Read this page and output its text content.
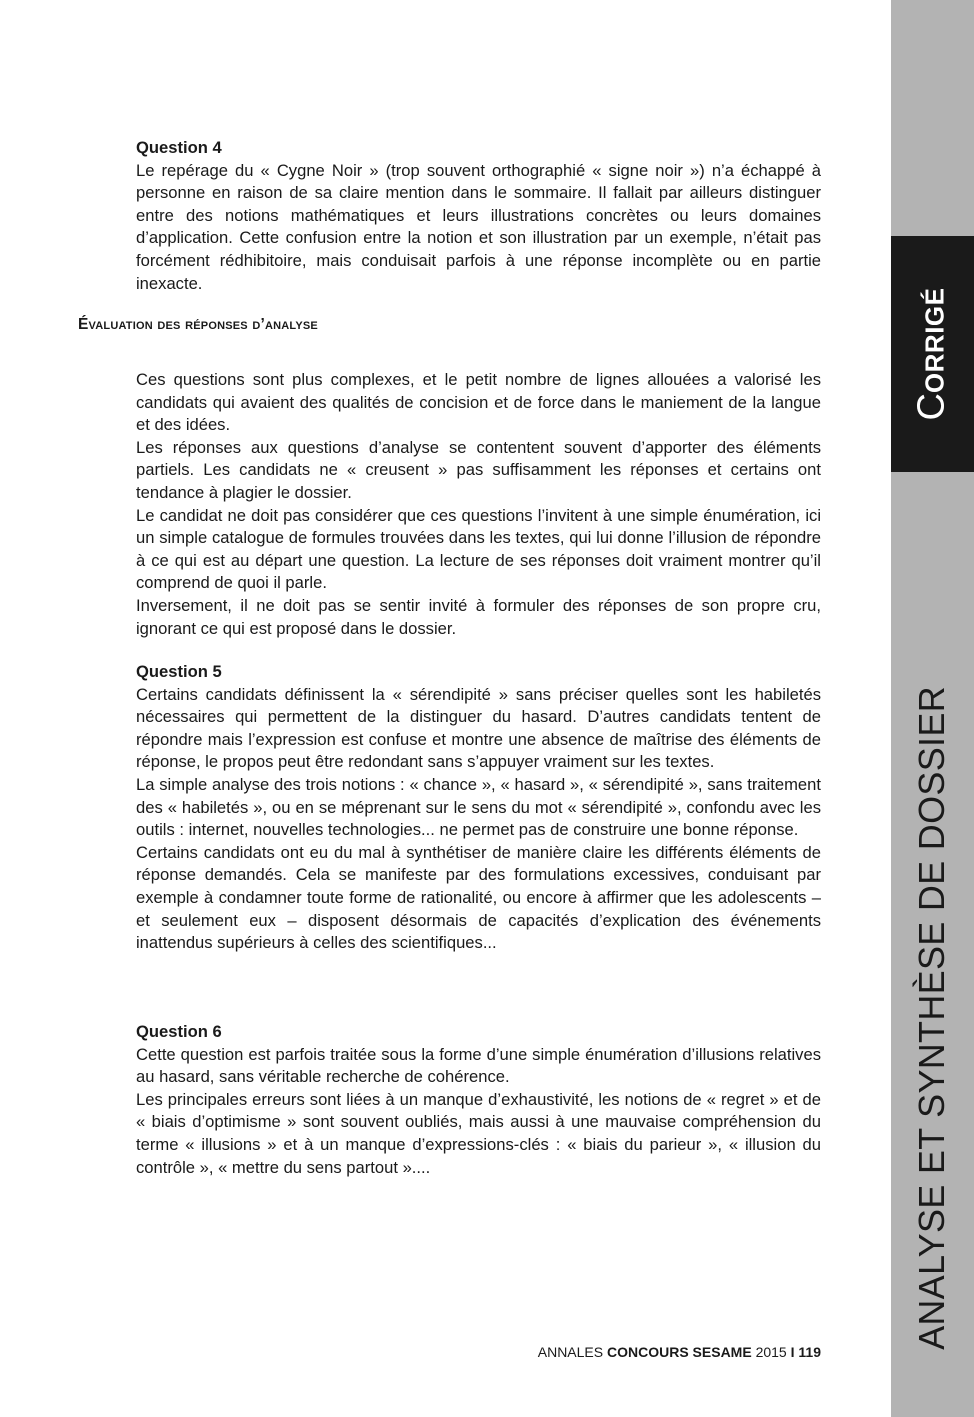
CORRIGÉ
ANALYSE ET SYNTHÈSE DE DOSSIER

Question 4

Le repérage du « Cygne Noir » (trop souvent orthographié « signe noir ») n’a échappé à personne en raison de sa claire mention dans le sommaire. Il fallait par ailleurs distinguer entre des notions mathématiques et leurs illustrations concrètes ou leurs domaines d’application. Cette confusion entre la notion et son illustration par un exemple, n’était pas forcément rédhibitoire, mais conduisait parfois à une réponse incomplète ou en partie inexacte.

Évaluation des réponses d’analyse

Ces questions sont plus complexes, et le petit nombre de lignes allouées a valorisé les candidats qui avaient des qualités de concision et de force dans le maniement de la langue et des idées.

Les réponses aux questions d’analyse se contentent souvent d’apporter des éléments partiels. Les candidats ne « creusent » pas suffisamment les réponses et certains ont tendance à plagier le dossier.

Le candidat ne doit pas considérer que ces questions l’invitent à une simple énumération, ici un simple catalogue de formules trouvées dans les textes, qui lui donne l’illusion de répondre à ce qui est au départ une question. La lecture de ses réponses doit vraiment montrer qu’il comprend de quoi il parle.

Inversement, il ne doit pas se sentir invité à formuler des réponses de son propre cru, ignorant ce qui est proposé dans le dossier.

Question 5

Certains candidats définissent la « sérendipité » sans préciser quelles sont les habiletés nécessaires qui permettent de la distinguer du hasard. D’autres candidats tentent de répondre mais l’expression est confuse et montre une absence de maîtrise des éléments de réponse, le propos peut être redondant sans s’appuyer vraiment sur les textes.

La simple analyse des trois notions : « chance », « hasard », « sérendipité », sans traitement des « habiletés », ou en se méprenant sur le sens du mot « sérendipité », confondu avec les outils : internet, nouvelles technologies... ne permet pas de construire une bonne réponse.

Certains candidats ont eu du mal à synthétiser de manière claire les différents éléments de réponse demandés. Cela se manifeste par des formulations excessives, conduisant par exemple à condamner toute forme de rationalité, ou encore à affirmer que les adolescents – et seulement eux – disposent désormais de capacités d’explication des événements inattendus supérieurs à celles des scientifiques...

Question 6

Cette question est parfois traitée sous la forme d’une simple énumération d’illusions relatives au hasard, sans véritable recherche de cohérence.

Les principales erreurs sont liées à un manque d’exhaustivité, les notions de « regret » et de « biais d’optimisme » sont souvent oubliés, mais aussi à une mauvaise compréhension du terme « illusions » et à un manque d’expressions-clés : « biais du parieur », « illusion du contrôle », « mettre du sens partout »....

ANNALES CONCOURS SESAME 2015 I 119
